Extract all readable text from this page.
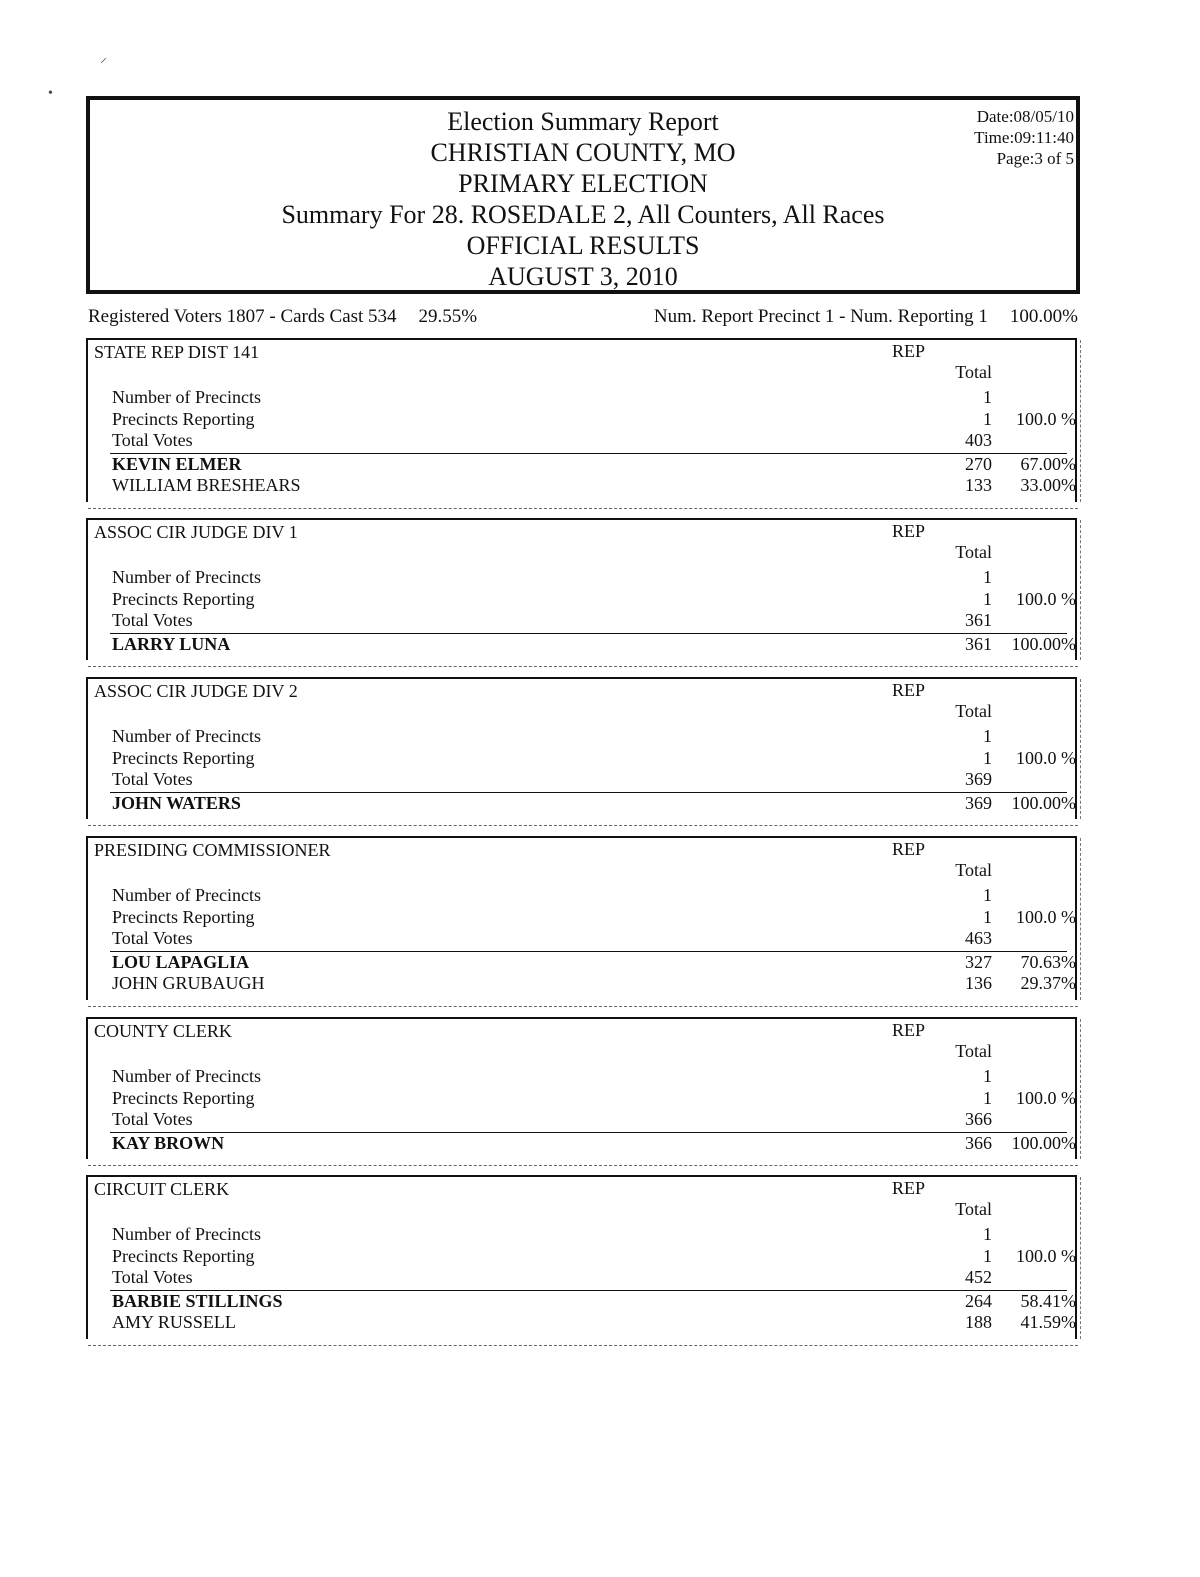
⸝
•
Election Summary Report
CHRISTIAN COUNTY, MO
PRIMARY ELECTION
Summary For 28. ROSEDALE 2, All Counters, All Races
OFFICIAL RESULTS
AUGUST 3, 2010
Date:08/05/10
Time:09:11:40
Page:3 of 5
Registered Voters 1807 - Cards Cast 534 29.55%	Num. Report Precinct 1 - Num. Reporting 1 100.00%
STATE REP DIST 141	REP
Total
Number of Precincts	1
Precincts Reporting	1	100.0 %
Total Votes	403
KEVIN ELMER	270	67.00%
WILLIAM BRESHEARS	133	33.00%
ASSOC CIR JUDGE DIV 1	REP
Total
Number of Precincts	1
Precincts Reporting	1	100.0 %
Total Votes	361
LARRY LUNA	361	100.00%
ASSOC CIR JUDGE DIV 2	REP
Total
Number of Precincts	1
Precincts Reporting	1	100.0 %
Total Votes	369
JOHN WATERS	369	100.00%
PRESIDING COMMISSIONER	REP
Total
Number of Precincts	1
Precincts Reporting	1	100.0 %
Total Votes	463
LOU LAPAGLIA	327	70.63%
JOHN GRUBAUGH	136	29.37%
COUNTY CLERK	REP
Total
Number of Precincts	1
Precincts Reporting	1	100.0 %
Total Votes	366
KAY BROWN	366	100.00%
CIRCUIT CLERK	REP
Total
Number of Precincts	1
Precincts Reporting	1	100.0 %
Total Votes	452
BARBIE STILLINGS	264	58.41%
AMY RUSSELL	188	41.59%
